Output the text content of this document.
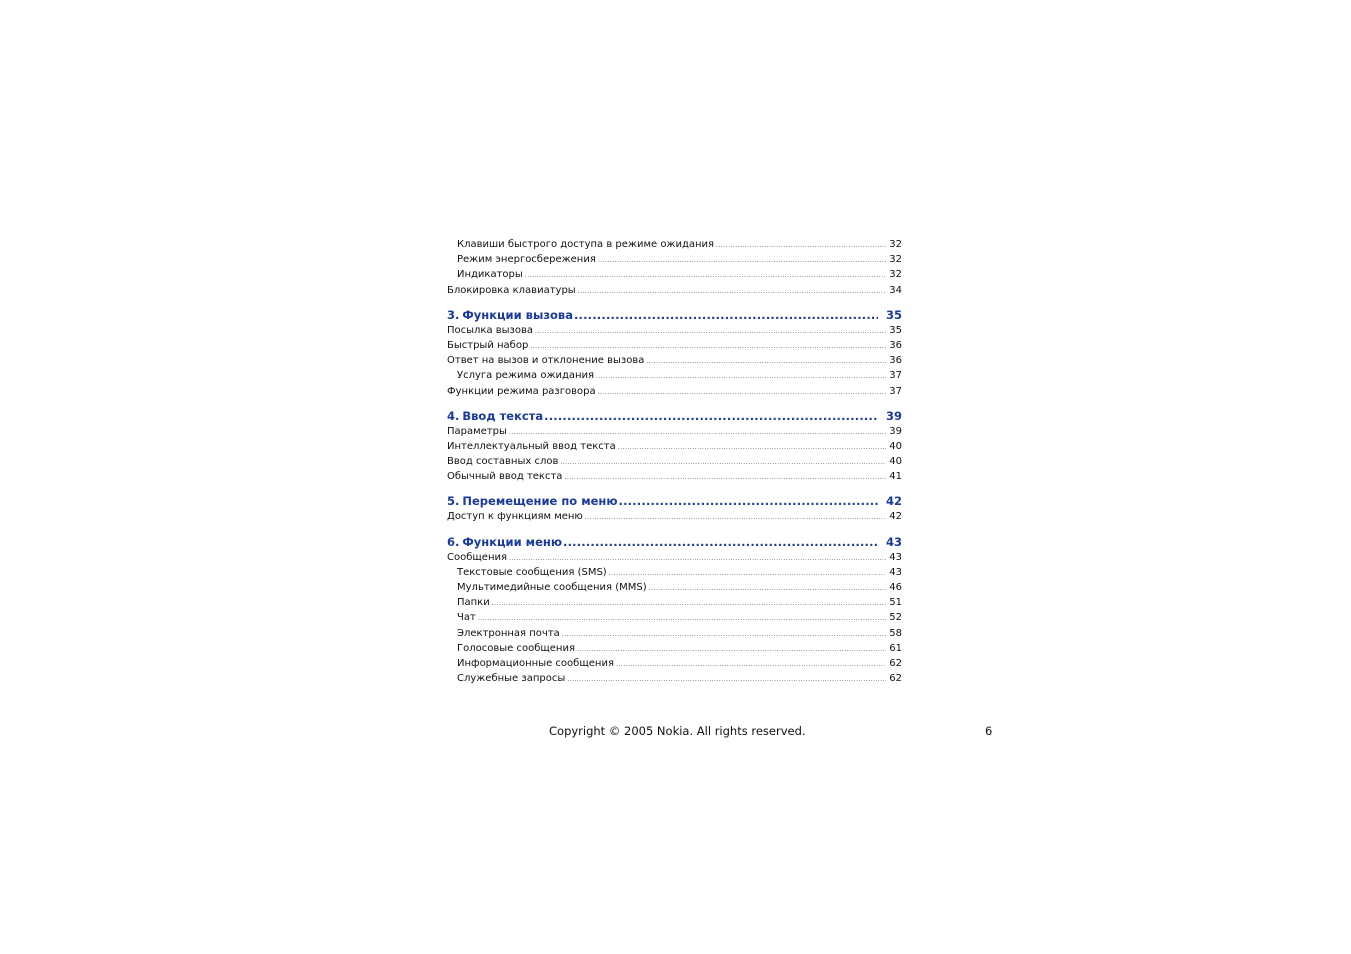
Клавиши быстрого доступа в режиме ожидания .....	32
Режим энергосбережения .....	32
Индикаторы .....	32
Блокировка клавиатуры .....	34
3. Функции вызова .....	35
Посылка вызова .....	35
Быстрый набор .....	36
Ответ на вызов и отклонение вызова .....	36
Услуга режима ожидания .....	37
Функции режима разговора .....	37
4. Ввод текста .....	39
Параметры .....	39
Интеллектуальный ввод текста .....	40
Ввод составных слов .....	40
Обычный ввод текста .....	41
5. Перемещение по меню .....	42
Доступ к функциям меню .....	42
6. Функции меню .....	43
Сообщения .....	43
Текстовые сообщения (SMS) .....	43
Мультимедийные сообщения (MMS) .....	46
Папки .....	51
Чат .....	52
Электронная почта .....	58
Голосовые сообщения .....	61
Информационные сообщения .....	62
Служебные запросы .....	62
Copyright © 2005 Nokia. All rights reserved.	6
